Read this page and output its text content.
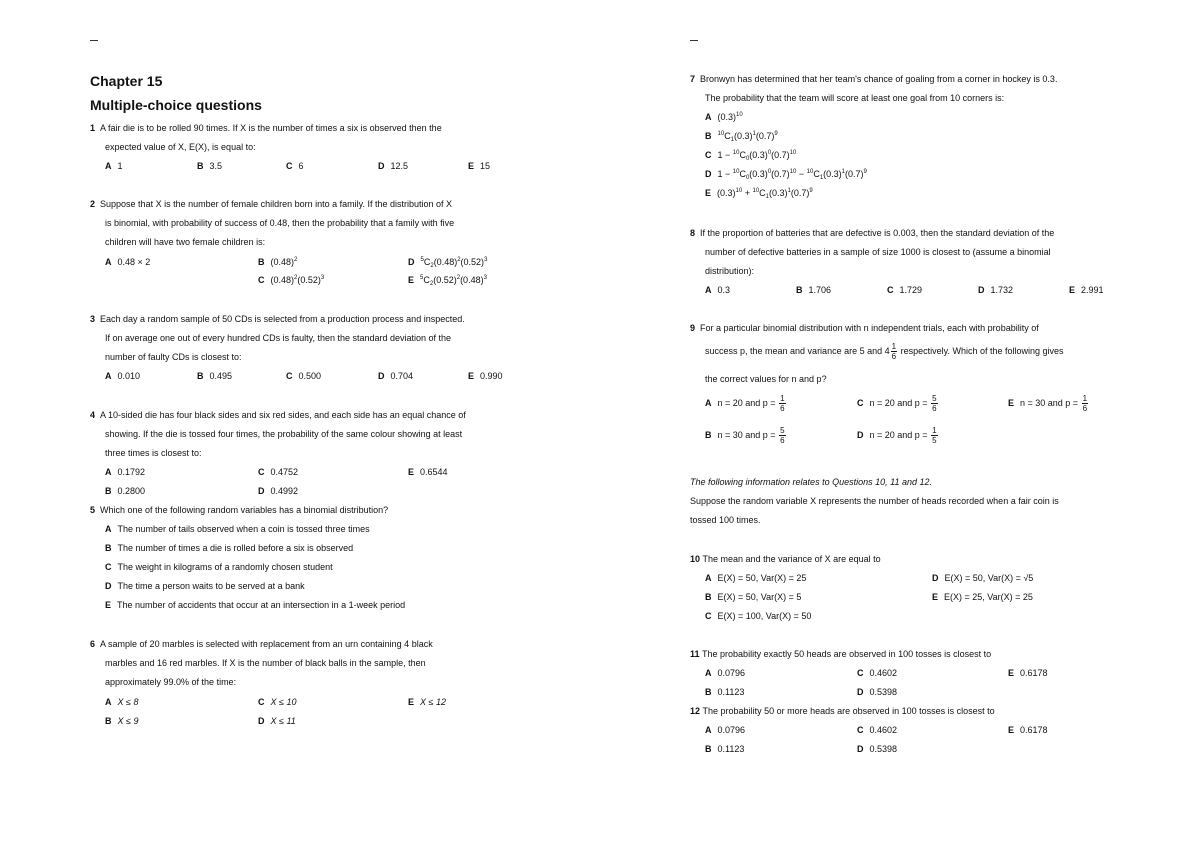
Chapter 15
Multiple-choice questions
1 A fair die is to be rolled 90 times. If X is the number of times a six is observed then the
expected value of X, E(X), is equal to:
A 1	B 3.5	C 6	D 12.5	E 15
2 Suppose that X is the number of female children born into a family. If the distribution of X
is binomial, with probability of success of 0.48, then the probability that a family with five
children will have two female children is:
A 0.48 × 2	B $(0.48)^2$
C $(0.48)^2(0.52)^3$
D $^5C_2(0.48)^2(0.52)^3$
E $^5C_2(0.52)^2(0.48)^3$
3 Each day a random sample of 50 CDs is selected from a production process and inspected.
If on average one out of every hundred CDs is faulty, then the standard deviation of the
number of faulty CDs is closest to:
A 0.010	B 0.495	C 0.500	D 0.704	E 0.990
4 A 10-sided die has four black sides and six red sides, and each side has an equal chance of
showing. If the die is tossed four times, the probability of the same colour showing at least
three times is closest to:
A 0.1792
B 0.2800
C 0.4752
D 0.4992
E 0.6544
5 Which one of the following random variables has a binomial distribution?
A The number of tails observed when a coin is tossed three times
B The number of times a die is rolled before a six is observed
C The weight in kilograms of a randomly chosen student
D The time a person waits to be served at a bank
E The number of accidents that occur at an intersection in a 1-week period
6 A sample of 20 marbles is selected with replacement from an urn containing 4 black
marbles and 16 red marbles. If X is the number of black balls in the sample, then
approximately 99.0% of the time:
A X ≤ 8
B X ≤ 9
C X ≤ 10
D X ≤ 11
E X ≤ 12
7 Bronwyn has determined that her team's chance of goaling from a corner in hockey is 0.3.
The probability that the team will score at least one goal from 10 corners is:
A $(0.3)^{10}$
B $^{10}C_1(0.3)^1(0.7)^9$
C $1 - ^{10}C_0(0.3)^0(0.7)^{10}$
D $1 - ^{10}C_0(0.3)^0(0.7)^{10} - ^{10}C_1(0.3)^1(0.7)^9$
E $(0.3)^{10} + ^{10}C_1(0.3)^1(0.7)^9$
8 If the proportion of batteries that are defective is 0.003, then the standard deviation of the
number of defective batteries in a sample of size 1000 is closest to (assume a binomial
distribution):
A 0.3	B 1.706	C 1.729	D 1.732	E 2.991
9 For a particular binomial distribution with n independent trials, each with probability of
success p, the mean and variance are 5 and $4 \frac{1}{6}$ respectively. Which of the following gives
the correct values for n and p?
A n = 20 and $p = \frac{1}{6}$
B n = 30 and $p = \frac{5}{6}$
C n = 20 and $p = \frac{5}{6}$
D n = 20 and $p = \frac{1}{5}$
E n = 30 and $p = \frac{1}{6}$
The following information relates to Questions 10, 11 and 12.
Suppose the random variable X represents the number of heads recorded when a fair coin is
tossed 100 times.
10 The mean and the variance of X are equal to
A E(X) = 50, Var(X) = 25
B E(X) = 50, Var(X) = 5
C E(X) = 100, Var(X) = 50
D E(X) = 50, Var(X) = √5
E E(X) = 25, Var(X) = 25
11 The probability exactly 50 heads are observed in 100 tosses is closest to
A 0.0796
B 0.1123
C 0.4602
D 0.5398
E 0.6178
12 The probability 50 or more heads are observed in 100 tosses is closest to
A 0.0796
B 0.1123
C 0.4602
D 0.5398
E 0.6178
